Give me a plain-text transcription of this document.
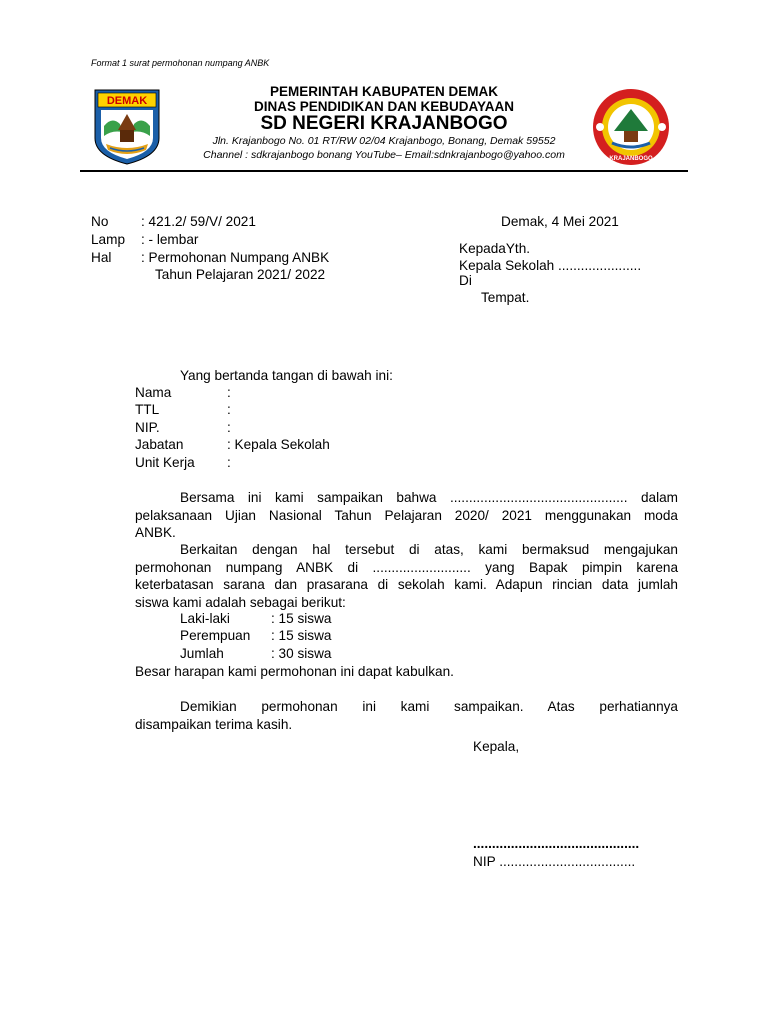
Format 1 surat permohonan numpang ANBK
PEMERINTAH KABUPATEN DEMAK
DINAS PENDIDIKAN DAN KEBUDAYAAN
SD NEGERI KRAJANBOGO
Jln. Krajanbogo No. 01 RT/RW 02/04 Krajanbogo, Bonang, Demak 59552
Channel : sdkrajanbogo bonang YouTube– Email:sdnkrajanbogo@yahoo.com
DEMAK
KRAJANBOGO
No : 421.2/ 59/V/ 2021
Lamp : - lembar
Hal : Permohonan Numpang ANBK
Tahun Pelajaran 2021/ 2022
Demak, 4 Mei 2021
KepadaYth.
Kepala Sekolah ......................
Di
Tempat.
Yang bertanda tangan di bawah ini:
Nama	:
TTL	:
NIP.	:
Jabatan	: Kepala Sekolah
Unit Kerja :
Bersama ini kami sampaikan bahwa ............................................... dalam
pelaksanaan Ujian Nasional Tahun Pelajaran 2020/ 2021 menggunakan moda
ANBK.
Berkaitan dengan hal tersebut di atas, kami bermaksud mengajukan
permohonan numpang ANBK di .......................... yang Bapak pimpin karena
keterbatasan sarana dan prasarana di sekolah kami. Adapun rincian data jumlah
siswa kami adalah sebagai berikut:
Laki-laki	: 15 siswa
Perempuan : 15 siswa
Jumlah	: 30 siswa
Besar harapan kami permohonan ini dapat kabulkan.
Demikian permohonan ini kami sampaikan. Atas perhatiannya
disampaikan terima kasih.
Kepala,
............................................
NIP ....................................
